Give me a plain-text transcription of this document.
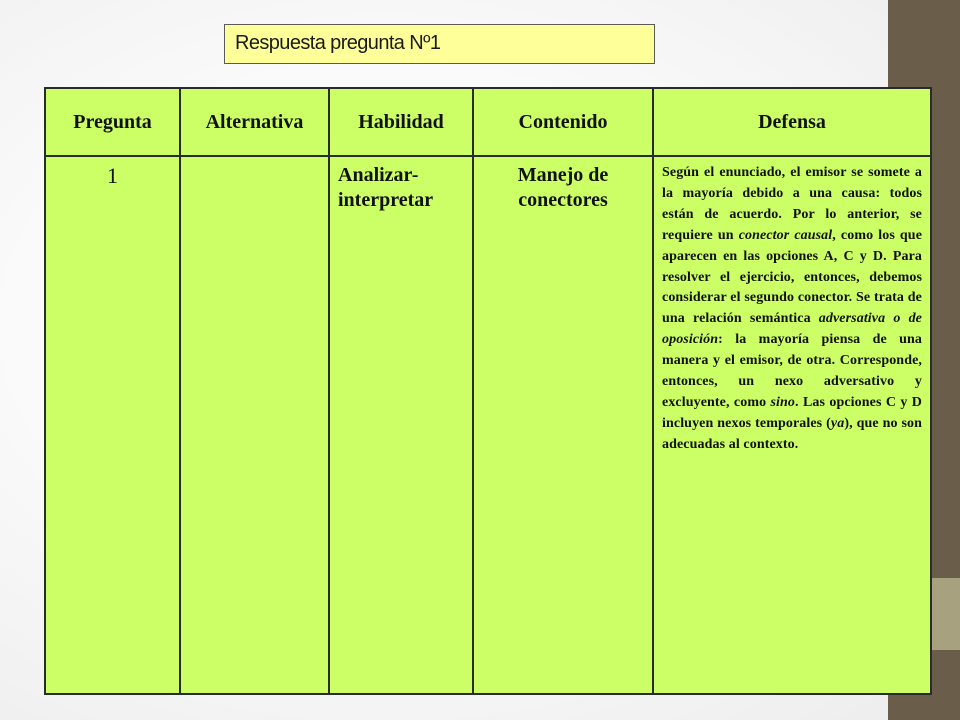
Respuesta pregunta Nº1
Pregunta	Alternativa	Habilidad	Contenido	Defensa

1		Analizar-interpretar	Manejo de conectores	Según el enunciado, el emisor se somete a la mayoría debido a una causa: todos están de acuerdo. Por lo anterior, se requiere un conector causal, como los que aparecen en las opciones A, C y D. Para resolver el ejercicio, entonces, debemos considerar el segundo conector. Se trata de una relación semántica adversativa o de oposición: la mayoría piensa de una manera y el emisor, de otra. Corresponde, entonces, un nexo adversativo y excluyente, como sino. Las opciones C y D incluyen nexos temporales (ya), que no son adecuadas al contexto.
